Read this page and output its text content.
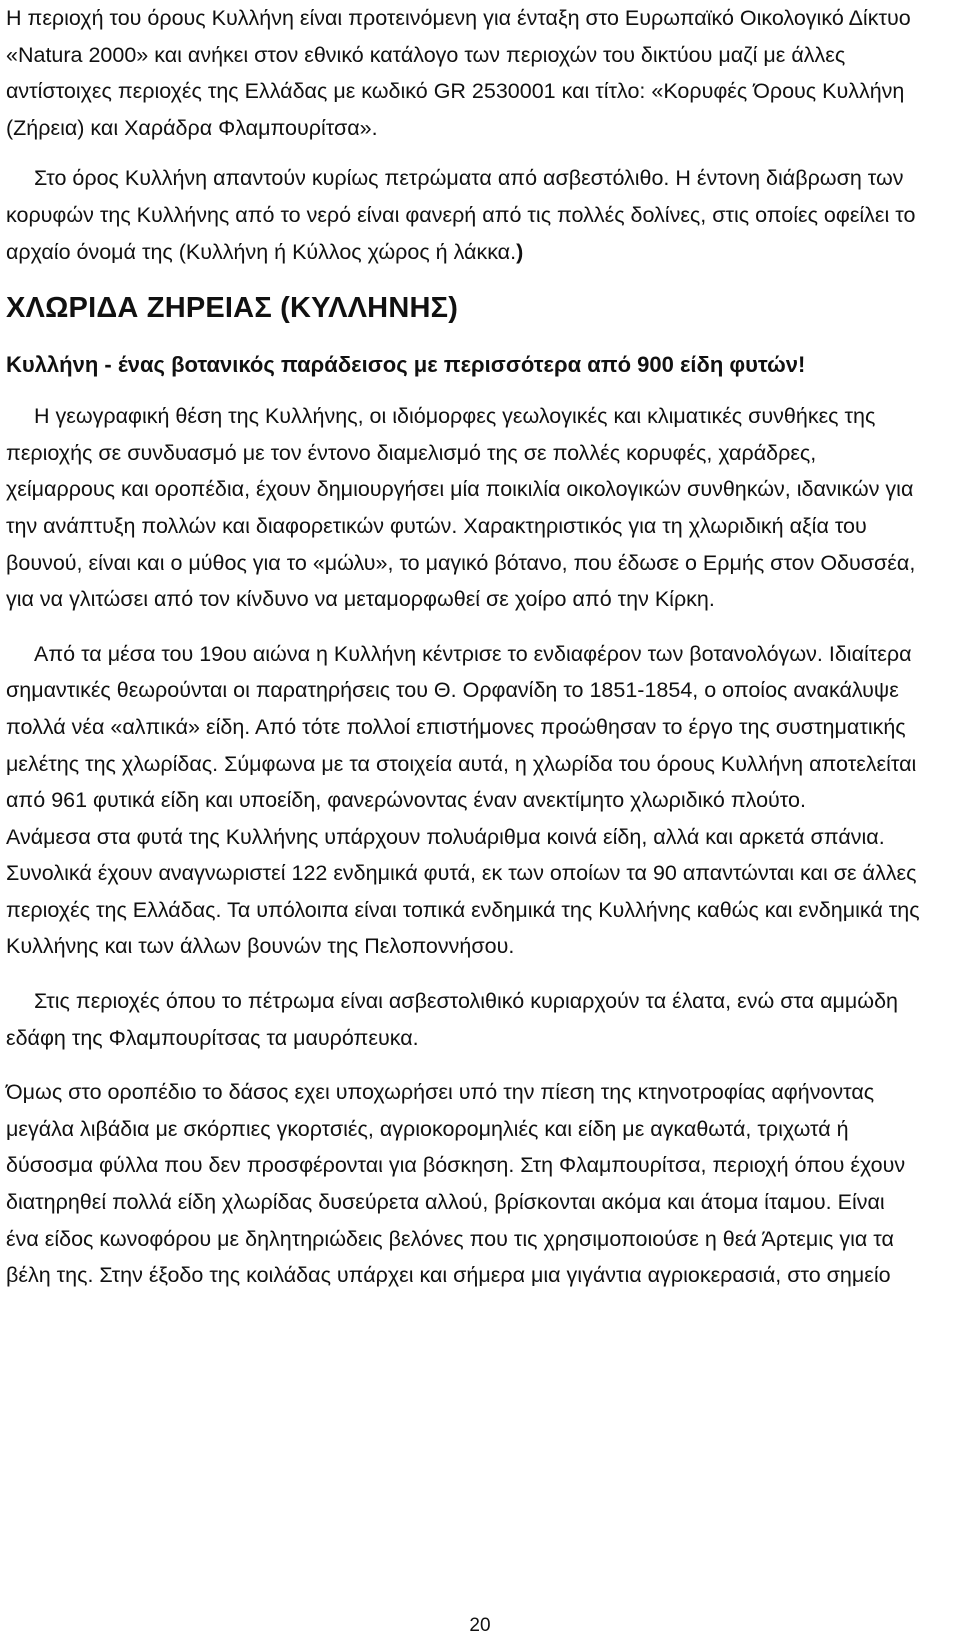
Η περιοχή του όρους Κυλλήνη είναι προτεινόμενη για ένταξη στο Ευρωπαϊκό Οικολογικό Δίκτυο «Natura 2000» και ανήκει στον εθνικό κατάλογο των περιοχών του δικτύου μαζί με άλλες αντίστοιχες περιοχές της Ελλάδας με κωδικό GR 2530001 και τίτλο: «Κορυφές Όρους Κυλλήνη (Ζήρεια) και Χαράδρα Φλαμπουρίτσα».

Στο όρος Κυλλήνη απαντούν κυρίως πετρώματα από ασβεστόλιθο. Η έντονη διάβρωση των κορυφών της Κυλλήνης από το νερό είναι φανερή από τις πολλές δολίνες, στις οποίες οφείλει το αρχαίο όνομά της (Κυλλήνη ή Κύλλος χώρος ή λάκκα.)

ΧΛΩΡΙΔΑ ΖΗΡΕΙΑΣ (ΚΥΛΛΗΝΗΣ)
Κυλλήνη - ένας βοτανικός παράδεισος με περισσότερα από 900 είδη φυτών!

Η γεωγραφική θέση της Κυλλήνης, οι ιδιόμορφες γεωλογικές και κλιματικές συνθήκες της περιοχής σε συνδυασμό με τον έντονο διαμελισμό της σε πολλές κορυφές, χαράδρες, χείμαρρους και οροπέδια, έχουν δημιουργήσει μία ποικιλία οικολογικών συνθηκών, ιδανικών για την ανάπτυξη πολλών και διαφορετικών φυτών. Χαρακτηριστικός για τη χλωριδική αξία του βουνού, είναι και ο μύθος για το «μώλυ», το μαγικό βότανο, που έδωσε ο Ερμής στον Οδυσσέα, για να γλιτώσει από τον κίνδυνο να μεταμορφωθεί σε χοίρο από την Κίρκη.

Από τα μέσα του 19ου αιώνα η Κυλλήνη κέντρισε το ενδιαφέρον των βοτανολόγων. Ιδιαίτερα σημαντικές θεωρούνται οι παρατηρήσεις του Θ. Ορφανίδη το 1851-1854, ο οποίος ανακάλυψε πολλά νέα «αλπικά» είδη. Από τότε πολλοί επιστήμονες προώθησαν το έργο της συστηματικής μελέτης της χλωρίδας. Σύμφωνα με τα στοιχεία αυτά, η χλωρίδα του όρους Κυλλήνη αποτελείται από 961 φυτικά είδη και υποείδη, φανερώνοντας έναν ανεκτίμητο χλωριδικό πλούτο.

Ανάμεσα στα φυτά της Κυλλήνης υπάρχουν πολυάριθμα κοινά είδη, αλλά και αρκετά σπάνια. Συνολικά έχουν αναγνωριστεί 122 ενδημικά φυτά, εκ των οποίων τα 90 απαντώνται και σε άλλες περιοχές της Ελλάδας. Τα υπόλοιπα είναι τοπικά ενδημικά της Κυλλήνης καθώς και ενδημικά της Κυλλήνης και των άλλων βουνών της Πελοποννήσου.

Στις περιοχές όπου το πέτρωμα είναι ασβεστολιθικό κυριαρχούν τα έλατα, ενώ στα αμμώδη εδάφη της Φλαμπουρίτσας τα μαυρόπευκα.

Όμως στο οροπέδιο το δάσος εχει υποχωρήσει υπό την πίεση της κτηνοτροφίας αφήνοντας μεγάλα λιβάδια με σκόρπιες γκορτσιές, αγριοκορομηλιές και είδη με αγκαθωτά, τριχωτά ή δύσοσμα φύλλα που δεν προσφέρονται για βόσκηση. Στη Φλαμπουρίτσα, περιοχή όπου έχουν διατηρηθεί πολλά είδη χλωρίδας δυσεύρετα αλλού, βρίσκονται ακόμα και άτομα ίταμου. Είναι ένα είδος κωνοφόρου με δηλητηριώδεις βελόνες που τις χρησιμοποιούσε η θεά Άρτεμις για τα βέλη της. Στην έξοδο της κοιλάδας υπάρχει και σήμερα μια γιγάντια αγριοκερασιά, στο σημείο

20
